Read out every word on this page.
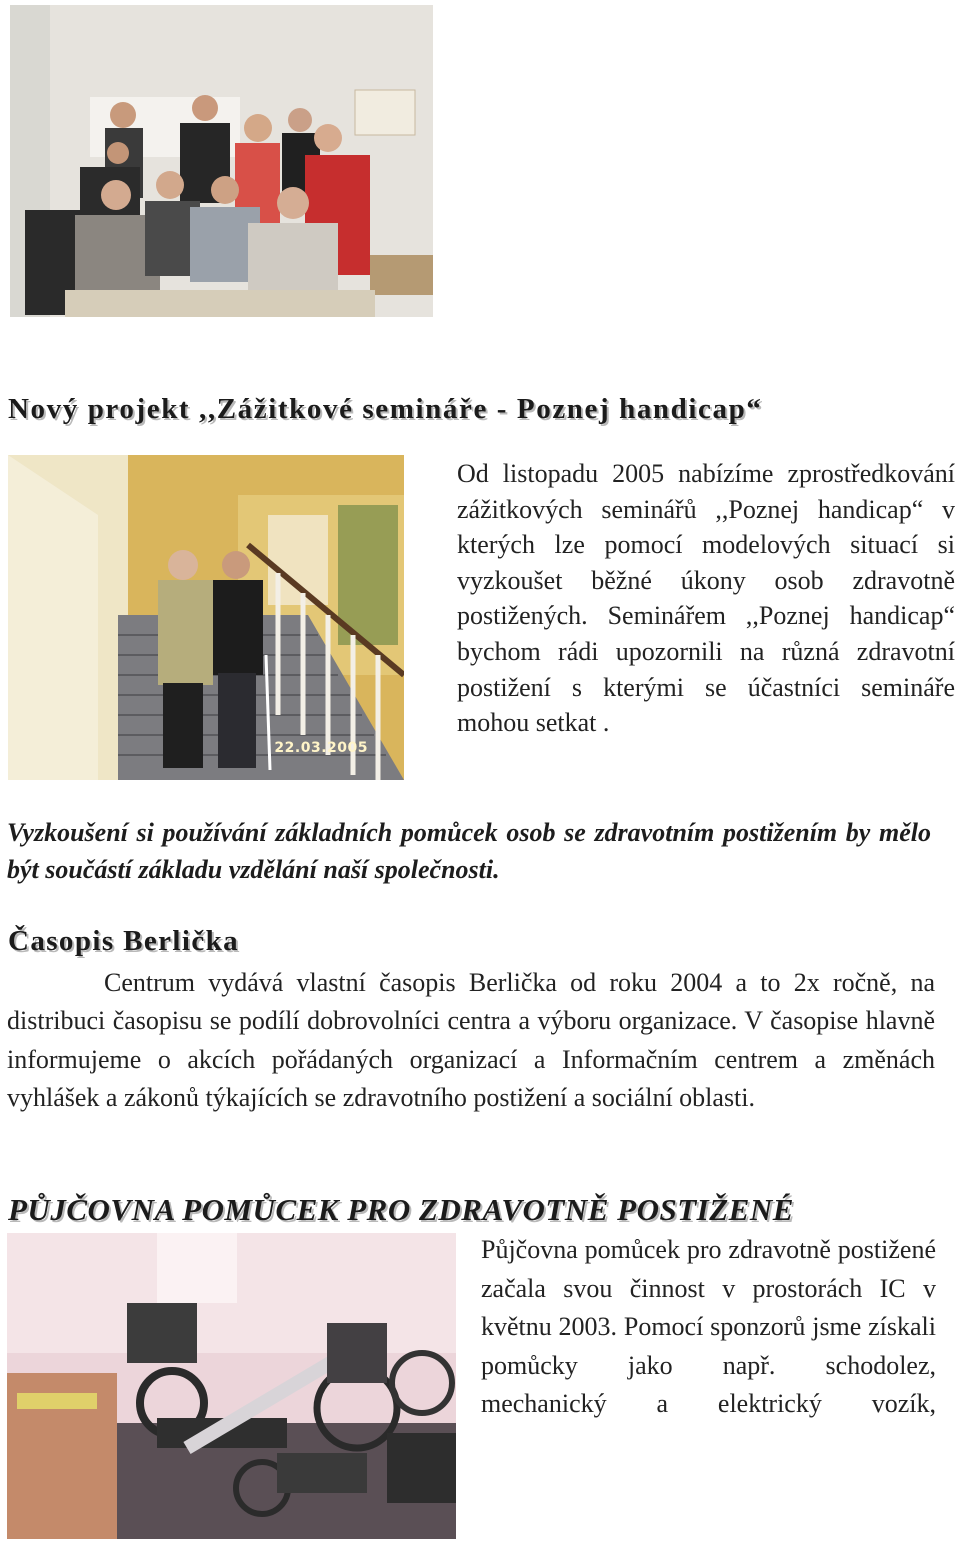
Nový projekt ,,Zážitkové semináře - Poznej handicap“
22.03.2005

Od listopadu 2005 nabízíme zprostředkování zážitkových seminářů ,,Poznej handicap“ v kterých lze pomocí modelových situací si vyzkoušet běžné úkony osob zdravotně postižených. Seminářem ,,Poznej handicap“ bychom rádi upozornili na různá zdravotní postižení s kterými se účastníci semináře mohou setkat .

Vyzkoušení si používání základních pomůcek osob se zdravotním postižením by mělo být součástí základu vzdělání naší společnosti.

Časopis Berlička

Centrum vydává vlastní časopis Berlička od roku 2004 a to 2x ročně, na distribuci časopisu se podílí dobrovolníci centra a výboru organizace. V časopise hlavně informujeme o akcích pořádaných organizací a Informačním centrem a změnách vyhlášek a zákonů týkajících se zdravotního postižení a sociální oblasti.

PŮJČOVNA POMŮCEK PRO ZDRAVOTNĚ POSTIŽENÉ

Půjčovna pomůcek pro zdravotně postižené začala svou činnost v prostorách IC v květnu 2003. Pomocí sponzorů jsme získali pomůcky jako např. schodolez, mechanický a elektrický vozík,
